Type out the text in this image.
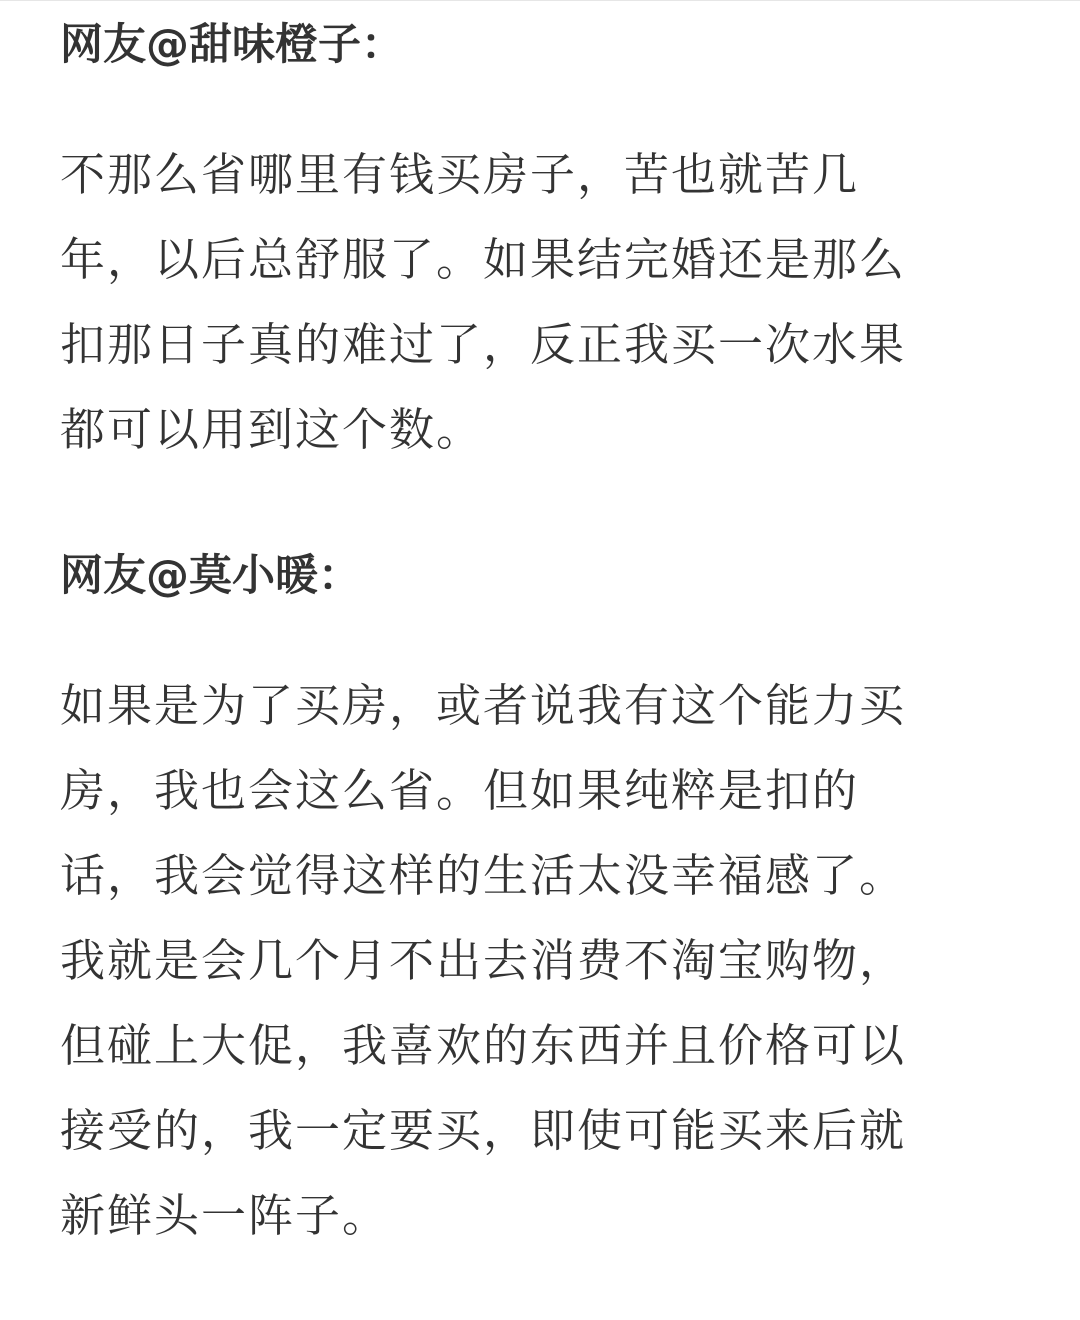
网友@甜味橙子：

不那么省哪里有钱买房子，苦也就苦几
年，以后总舒服了。如果结完婚还是那么
扣那日子真的难过了，反正我买一次水果
都可以用到这个数。

网友@莫小暖：

如果是为了买房，或者说我有这个能力买
房，我也会这么省。但如果纯粹是扣的
话，我会觉得这样的生活太没幸福感了。
我就是会几个月不出去消费不淘宝购物，
但碰上大促，我喜欢的东西并且价格可以
接受的，我一定要买，即使可能买来后就
新鲜头一阵子。
